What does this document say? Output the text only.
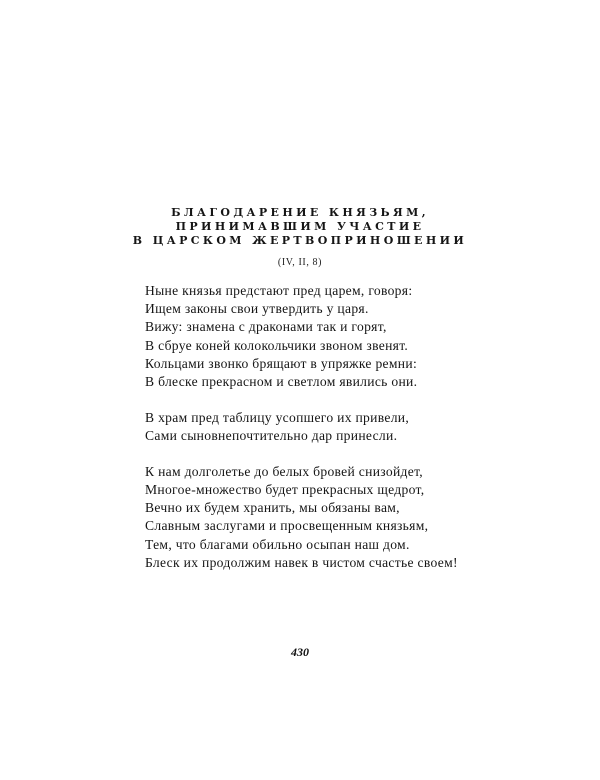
БЛАГОДАРЕНИЕ КНЯЗЬЯМ,
ПРИНИМАВШИМ УЧАСТИЕ
В ЦАРСКОМ ЖЕРТВОПРИНОШЕНИИ
(IV, II, 8)
Ныне князья предстают пред царем, говоря:
Ищем законы свои утвердить у царя.
Вижу: знамена с драконами так и горят,
В сбруе коней колокольчики звоном звенят.
Кольцами звонко брящают в упряжке ремни:
В блеске прекрасном и светлом явились они.
В храм пред таблицу усопшего их привели,
Сами сыновнепочтительно дар принесли.
К нам долголетье до белых бровей снизойдет,
Многое-множество будет прекрасных щедрот,
Вечно их будем хранить, мы обязаны вам,
Славным заслугами и просвещенным князьям,
Тем, что благами обильно осыпан наш дом.
Блеск их продолжим навек в чистом счастье своем!
430
